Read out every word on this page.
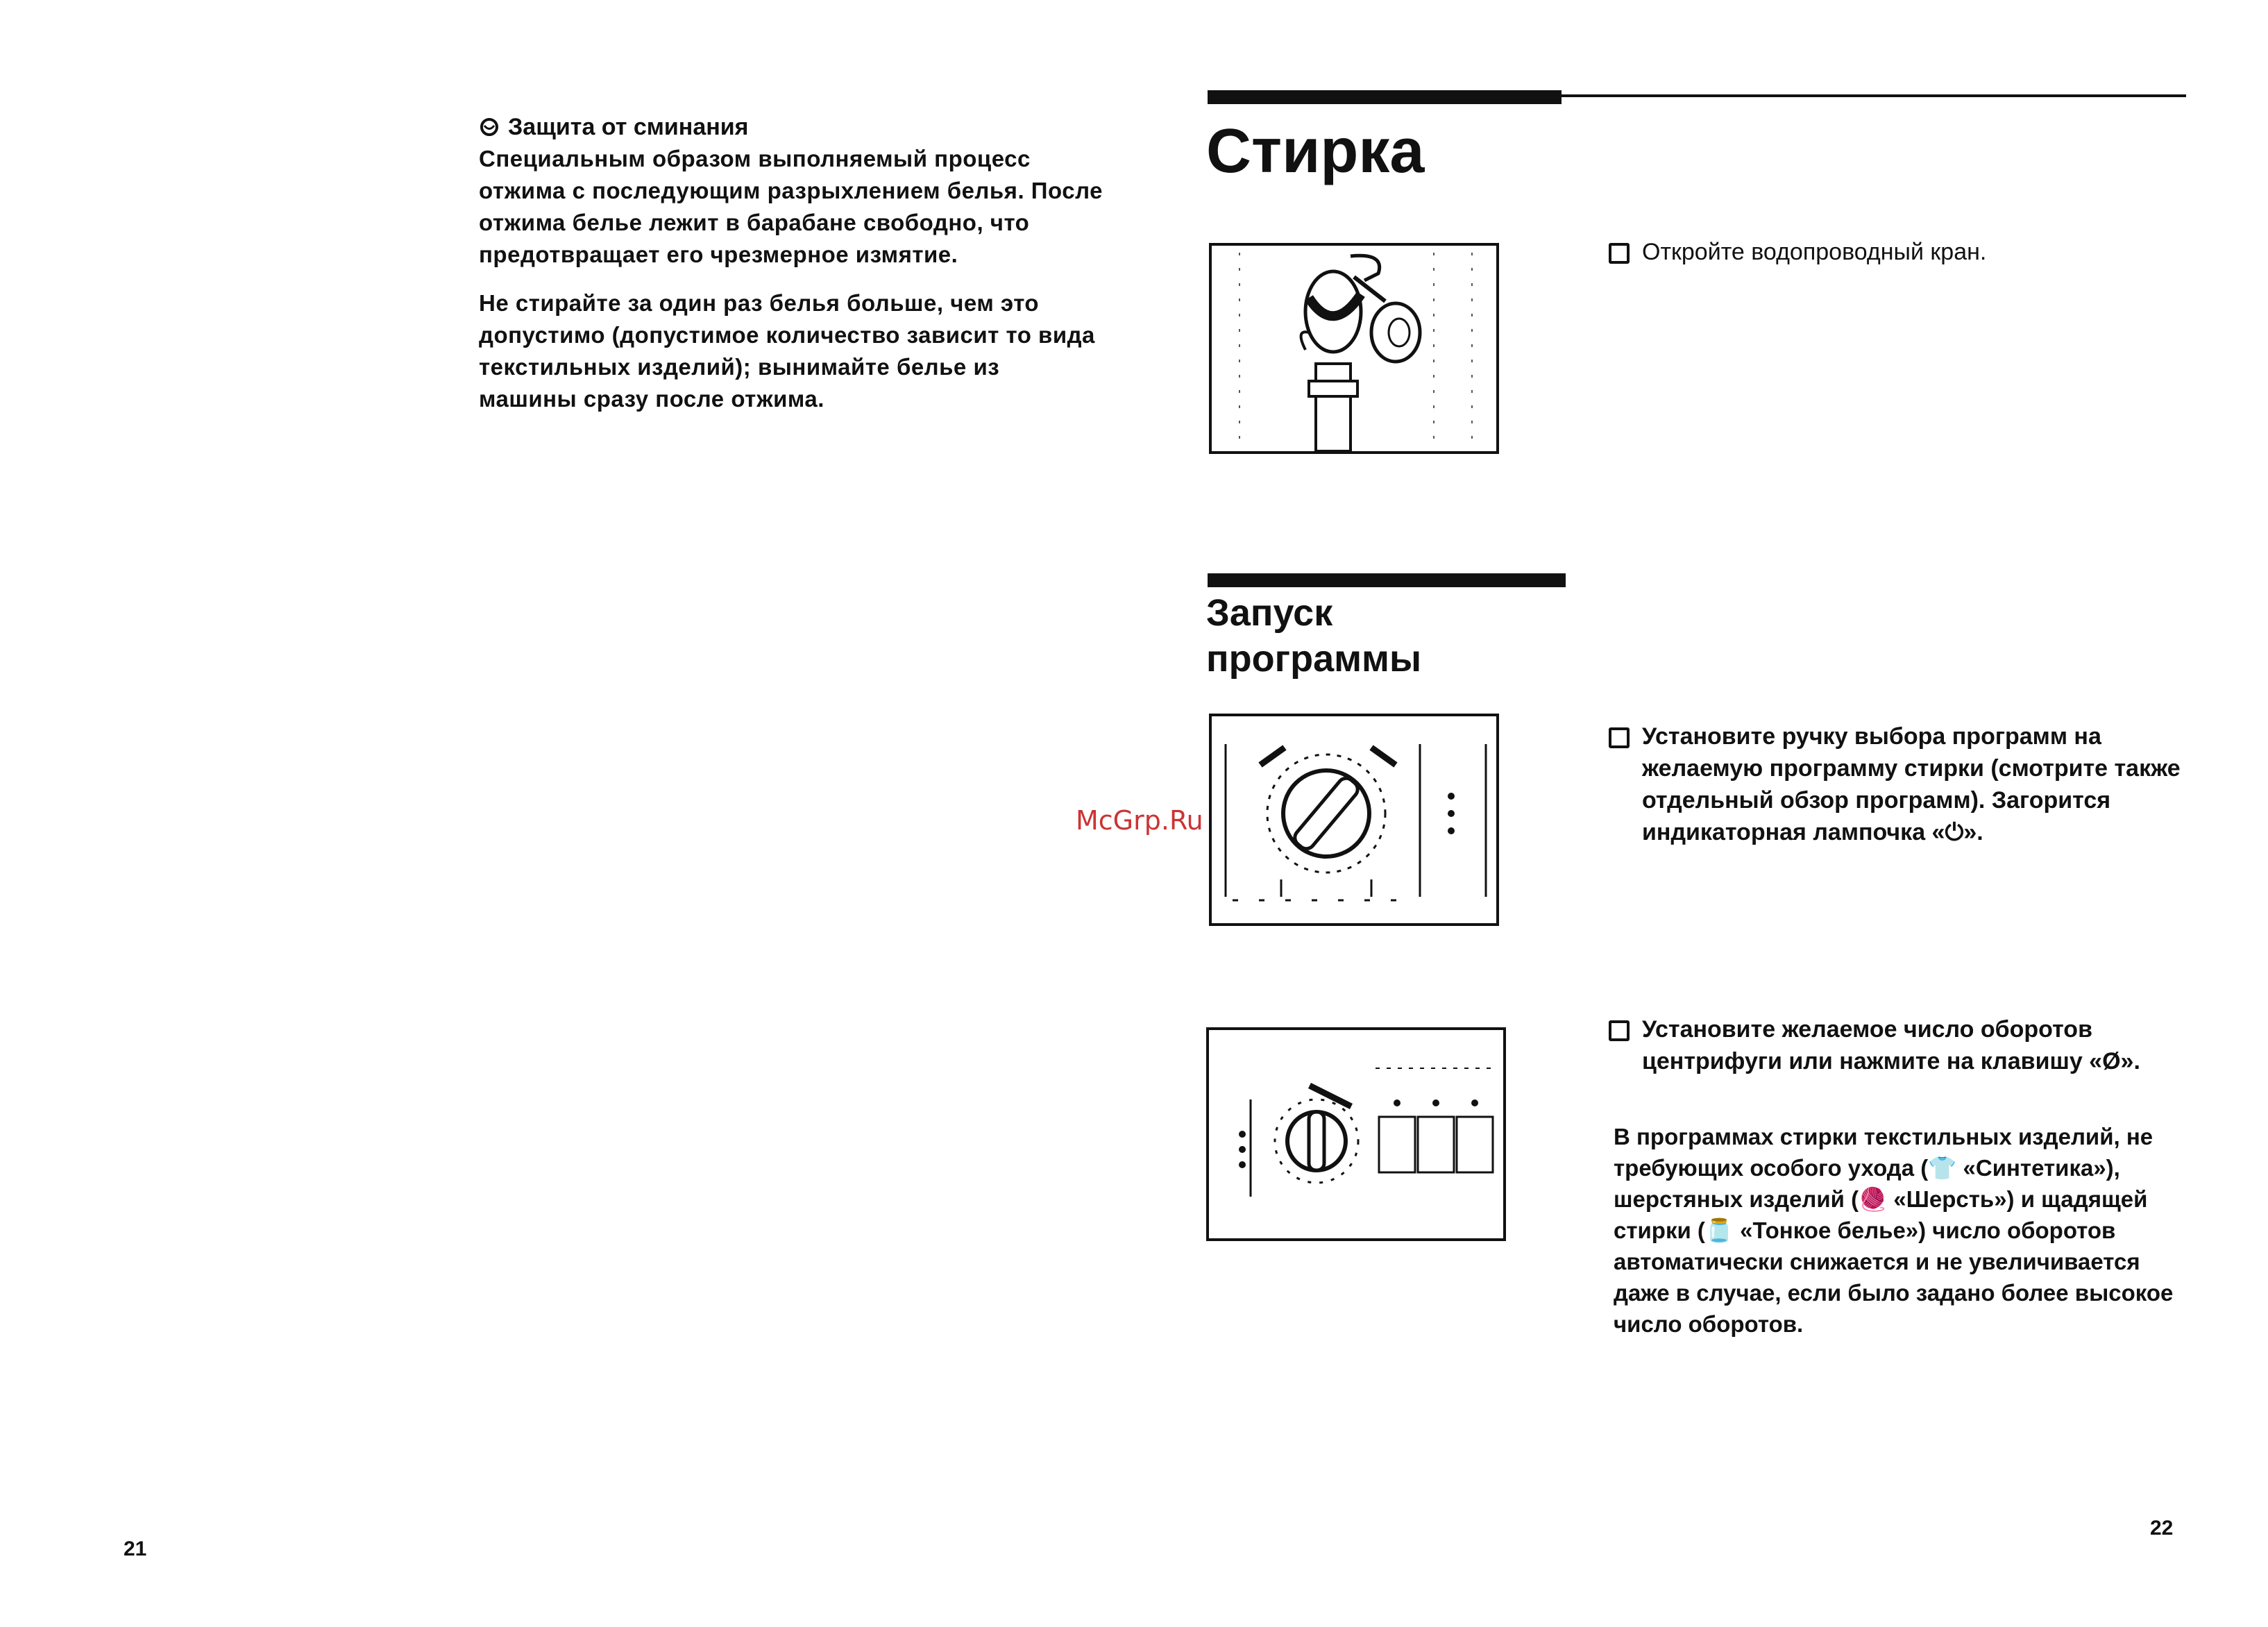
Защита от сминания

Специальным образом выполняемый процесс отжима с последующим разрыхлением белья. После отжима белье лежит в барабане свободно, что предотвращает его чрезмерное измятие.

Не стирайте за один раз белья больше, чем это допустимо (допустимое количество зависит то вида текстильных изделий); вынимайте белье из машины сразу после отжима.

21
Стирка
Откройте водопроводный кран.
Запуск
программы
Установите ручку выбора программ на желаемую программу стирки (смотрите также отдельный обзор программ). Загорится индикаторная лампочка «⏻».
Установите желаемое число оборотов центрифуги или нажмите на клавишу «Ø».
В программах стирки текстильных изделий, не требующих особого ухода (👕 «Синтетика»), шерстяных изделий (🧶 «Шерсть») и щадящей стирки (🫙 «Тонкое белье») число оборотов автоматически снижается и не увеличивается даже в случае, если было задано более высокое число оборотов.
22
McGrp.Ru
